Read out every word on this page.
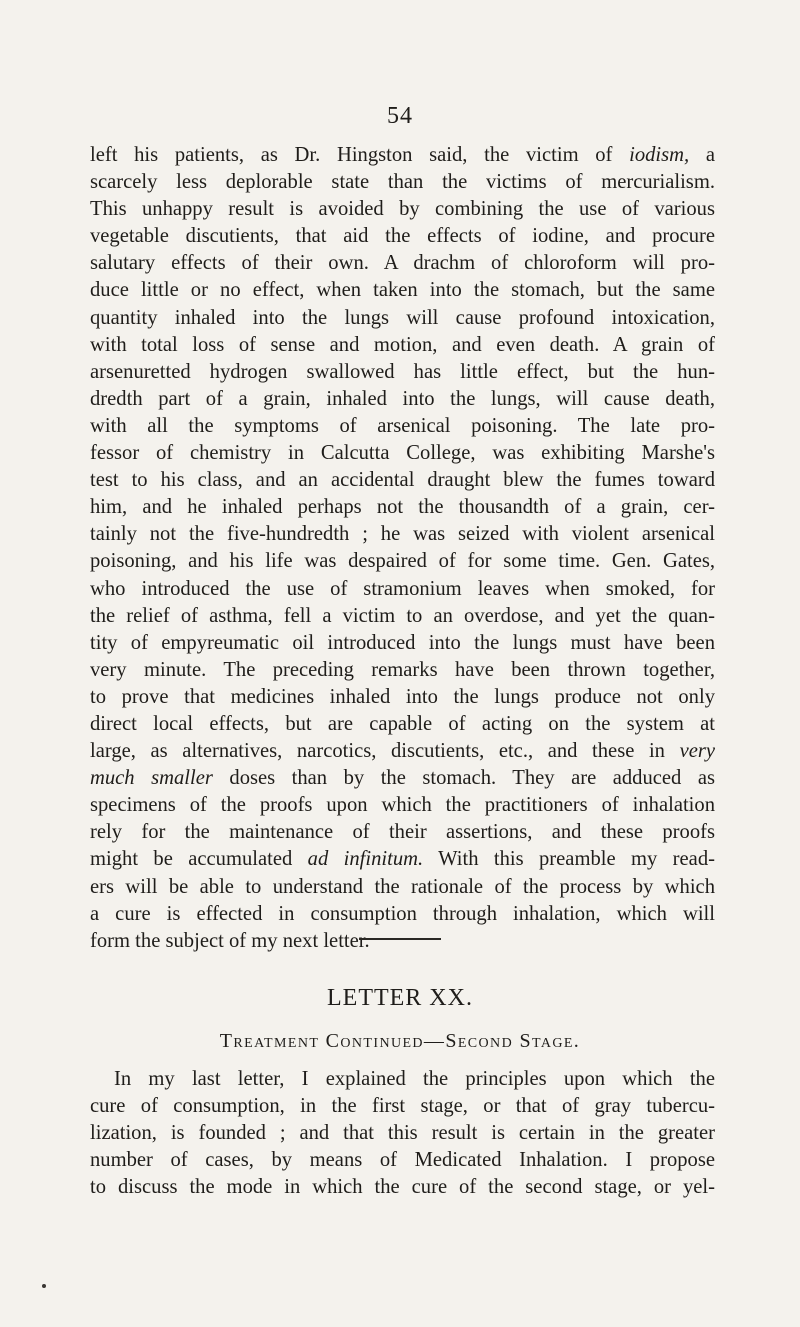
54
left his patients, as Dr. Hingston said, the victim of iodism, a
scarcely less deplorable state than the victims of mercurialism.
This unhappy result is avoided by combining the use of various
vegetable discutients, that aid the effects of iodine, and procure
salutary effects of their own. A drachm of chloroform will pro-
duce little or no effect, when taken into the stomach, but the same
quantity inhaled into the lungs will cause profound intoxication,
with total loss of sense and motion, and even death. A grain of
arsenuretted hydrogen swallowed has little effect, but the hun-
dredth part of a grain, inhaled into the lungs, will cause death,
with all the symptoms of arsenical poisoning. The late pro-
fessor of chemistry in Calcutta College, was exhibiting Marshe's
test to his class, and an accidental draught blew the fumes toward
him, and he inhaled perhaps not the thousandth of a grain, cer-
tainly not the five-hundredth ; he was seized with violent arsenical
poisoning, and his life was despaired of for some time. Gen. Gates,
who introduced the use of stramonium leaves when smoked, for
the relief of asthma, fell a victim to an overdose, and yet the quan-
tity of empyreumatic oil introduced into the lungs must have been
very minute. The preceding remarks have been thrown together,
to prove that medicines inhaled into the lungs produce not only
direct local effects, but are capable of acting on the system at
large, as alternatives, narcotics, discutients, etc., and these in very
much smaller doses than by the stomach. They are adduced as
specimens of the proofs upon which the practitioners of inhalation
rely for the maintenance of their assertions, and these proofs
might be accumulated ad infinitum. With this preamble my read-
ers will be able to understand the rationale of the process by which
a cure is effected in consumption through inhalation, which will
form the subject of my next letter.
LETTER XX.
Treatment Continued—Second Stage.
In my last letter, I explained the principles upon which the
cure of consumption, in the first stage, or that of gray tubercu-
lization, is founded ; and that this result is certain in the greater
number of cases, by means of Medicated Inhalation. I propose
to discuss the mode in which the cure of the second stage, or yel-
